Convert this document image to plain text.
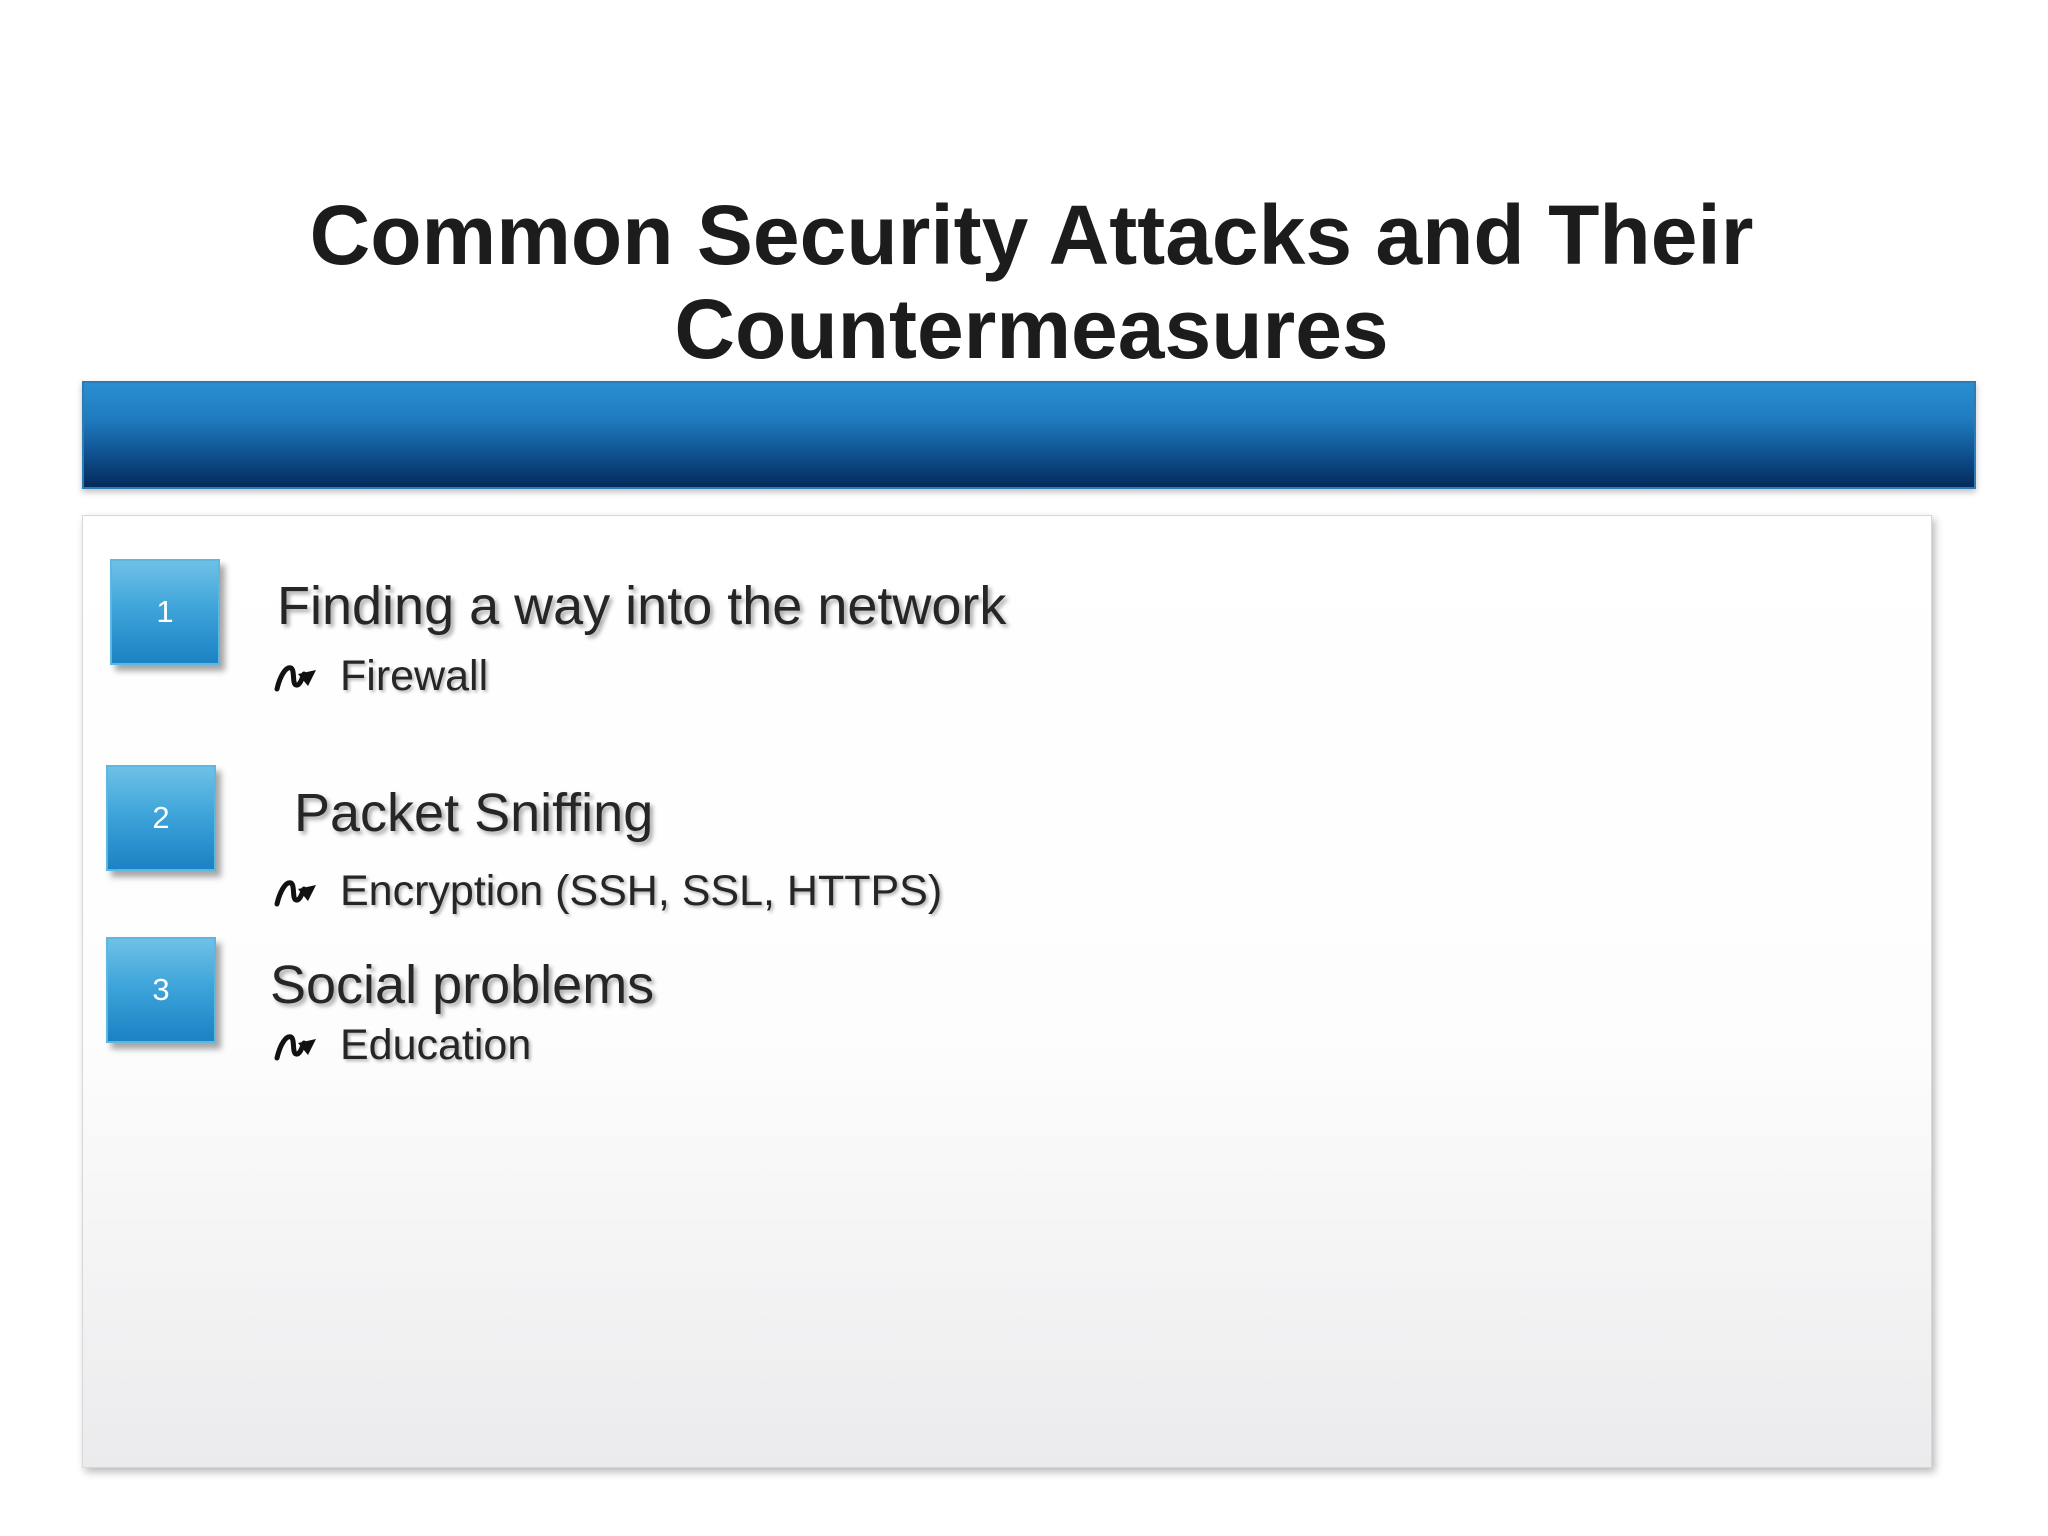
Common Security Attacks and Their
Countermeasures
1	Finding a way into the network
Firewall
2	Packet Sniffing
Encryption (SSH, SSL, HTTPS)
3	Social problems
Education
